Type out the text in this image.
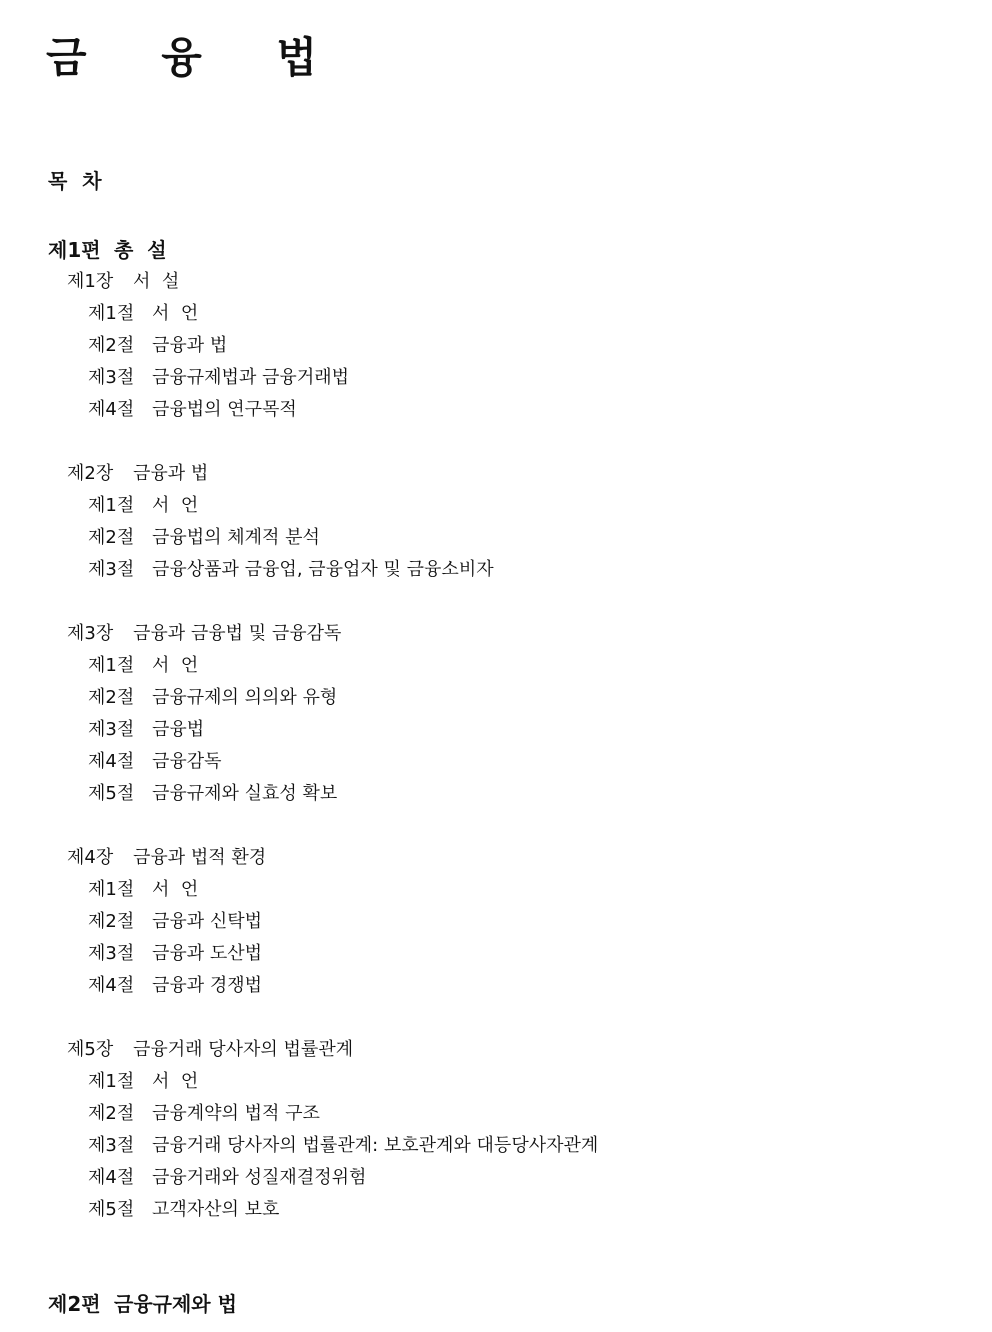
금 융 법
목 차
제1편 총  설
제1장 서  설
제1절 서  언
제2절 금융과 법
제3절 금융규제법과 금융거래법
제4절 금융법의 연구목적
제2장 금융과 법
제1절 서  언
제2절 금융법의 체계적 분석
제3절 금융상품과 금융업, 금융업자 및 금융소비자
제3장 금융과 금융법 및 금융감독
제1절 서  언
제2절 금융규제의 의의와 유형
제3절 금융법
제4절 금융감독
제5절 금융규제와 실효성 확보
제4장 금융과 법적 환경
제1절 서  언
제2절 금융과 신탁법
제3절 금융과 도산법
제4절 금융과 경쟁법
제5장 금융거래 당사자의 법률관계
제1절 서  언
제2절 금융계약의 법적 구조
제3절 금융거래 당사자의 법률관계: 보호관계와 대등당사자관계
제4절 금융거래와 성질재결정위험
제5절 고객자산의 보호
제2편 금융규제와 법
